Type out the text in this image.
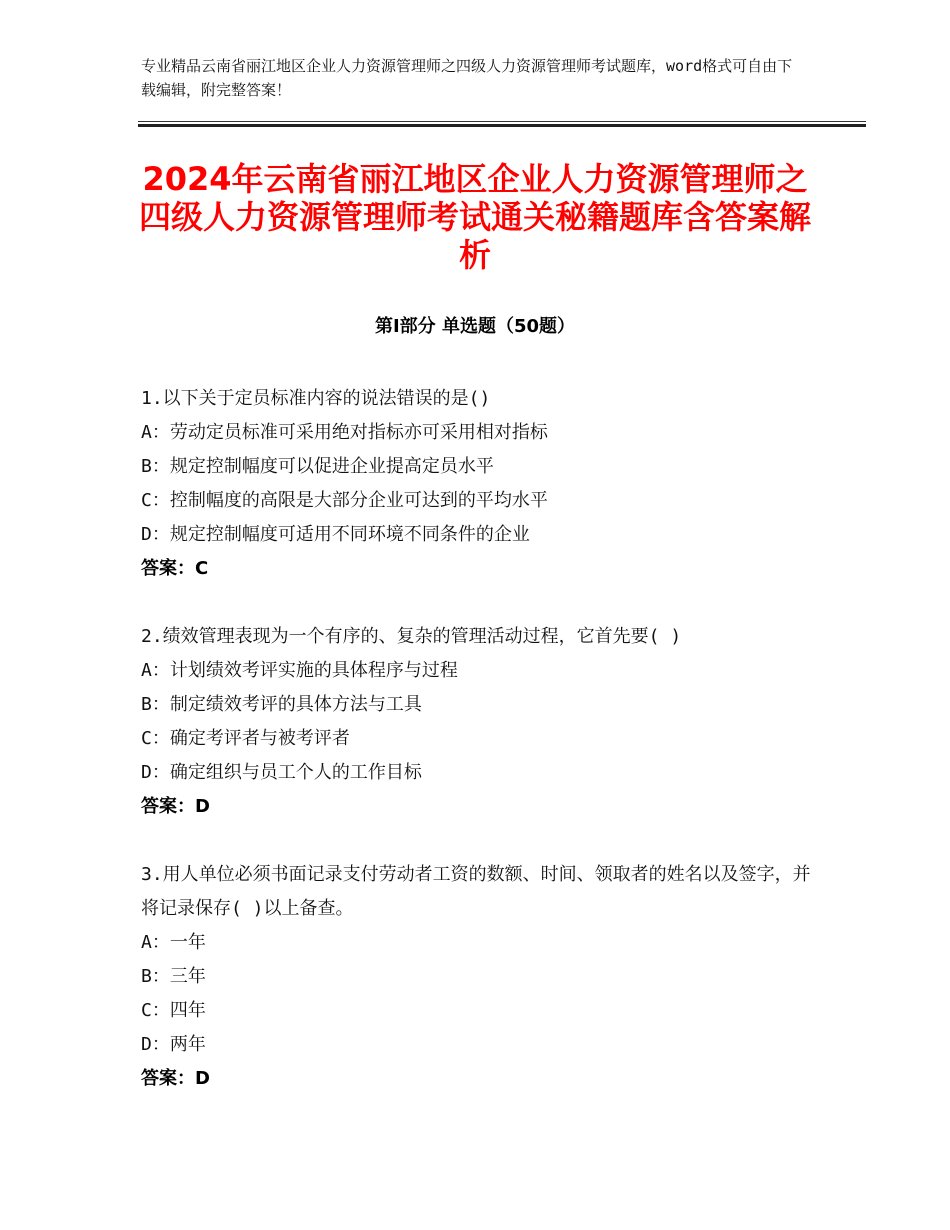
专业精品云南省丽江地区企业人力资源管理师之四级人力资源管理师考试题库，word格式可自由下载编辑，附完整答案！
2024年云南省丽江地区企业人力资源管理师之四级人力资源管理师考试通关秘籍题库含答案解析
第Ⅰ部分 单选题（50题）
1.以下关于定员标准内容的说法错误的是()
A：劳动定员标准可采用绝对指标亦可采用相对指标
B：规定控制幅度可以促进企业提高定员水平
C：控制幅度的高限是大部分企业可达到的平均水平
D：规定控制幅度可适用不同环境不同条件的企业
答案：C
2.绩效管理表现为一个有序的、复杂的管理活动过程，它首先要( )
A：计划绩效考评实施的具体程序与过程
B：制定绩效考评的具体方法与工具
C：确定考评者与被考评者
D：确定组织与员工个人的工作目标
答案：D
3.用人单位必须书面记录支付劳动者工资的数额、时间、领取者的姓名以及签字，并将记录保存( )以上备查。
A：一年
B：三年
C：四年
D：两年
答案：D
